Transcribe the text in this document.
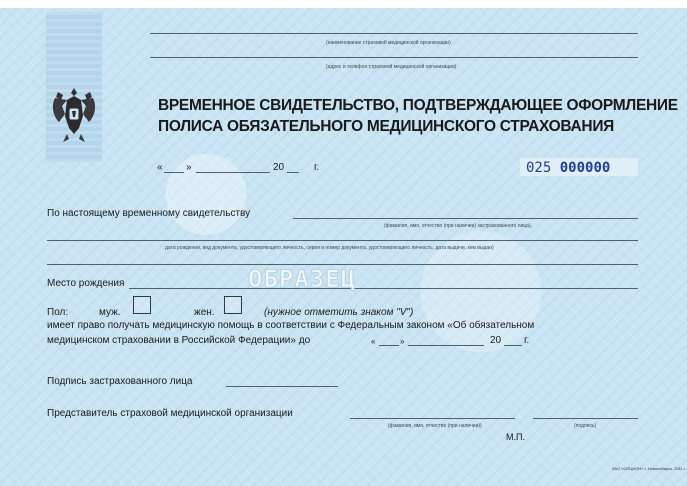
(наименование страховой медицинской организации)
(адрес и телефон страховой медицинской организации)
ВРЕМЕННОЕ СВИДЕТЕЛЬСТВО, ПОДТВЕРЖДАЮЩЕЕ ОФОРМЛЕНИЕ
ПОЛИСА ОБЯЗАТЕЛЬНОГО МЕДИЦИНСКОГО СТРАХОВАНИЯ
« »	20	г.	025 000000
По настоящему временному свидетельству
(фамилия, имя, отчество (при наличии) застрахованного лица),
дата рождения, вид документа, удостоверяющего личность, серия и номер документа, удостоверяющего личность, дата выдачи, кем выдан)
Место рождения	ОБРАЗЕЦ
Пол:	муж.	жен.	(нужное отметить знаком "V")
имеет право получать медицинскую помощь в соответствии с Федеральным законом «Об обязательном
медицинском страховании в Российской Федерации» до	«	»	20 г.
Подпись застрахованного лица
Представитель страховой медицинской организации
(фамилия, имя, отчество (при наличии))	(подпись)
М.П.
ЗАО «ОПЦИОН» г. Новосибирск, 2011 г.
